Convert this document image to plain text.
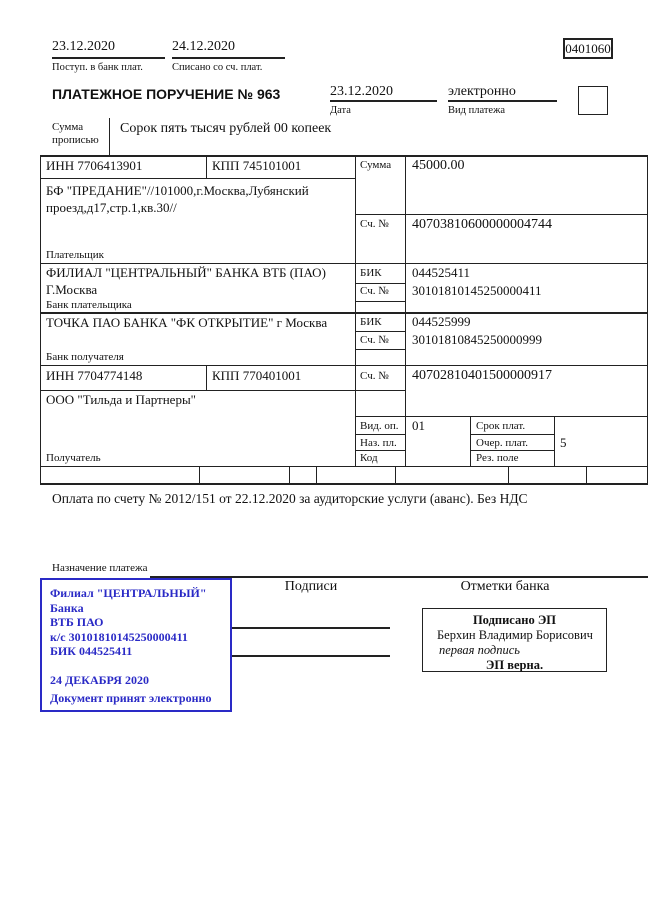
23.12.2020
Поступ. в банк плат.
24.12.2020
Списано со сч. плат.
0401060
ПЛАТЕЖНОЕ ПОРУЧЕНИЕ № 963	23.12.2020
Дата
электронно
Вид платежа
Сумма прописью
Сорок пять тысяч рублей 00 копеек
ИНН 7706413901	КПП 745101001	Сумма 45000.00
БФ "ПРЕДАНИЕ"//101000,г.Москва,Лубянский проезд,д17,стр.1,кв.30//
Сч. № 40703810600000004744
Плательщик
ФИЛИАЛ "ЦЕНТРАЛЬНЫЙ" БАНКА ВТБ (ПАО)
Г.Москва
БИК 044525411
Сч. № 30101810145250000411
Банк плательщика
ТОЧКА ПАО БАНКА "ФК ОТКРЫТИЕ" г Москва	БИК 044525999
Сч. № 30101810845250000999
Банк получателя
ИНН 7704774148	КПП 770401001	Сч. № 40702810401500000917
ООО "Тильда и Партнеры"
Получатель
Вид. оп. 01	Срок плат.
Наз. пл.	Очер. плат. 5
Код	Рез. поле
Оплата по счету № 2012/151 от 22.12.2020 за аудиторские услуги (аванс). Без НДС
Назначение платежа
Филиал "ЦЕНТРАЛЬНЫЙ" Банка
ВТБ ПАО
к/с 30101810145250000411
БИК 044525411
24 ДЕКАБРЯ 2020
Документ принят электронно
Подписи	Отметки банка
Подписано ЭП
Берхин Владимир Борисович
первая подпись
ЭП верна.
